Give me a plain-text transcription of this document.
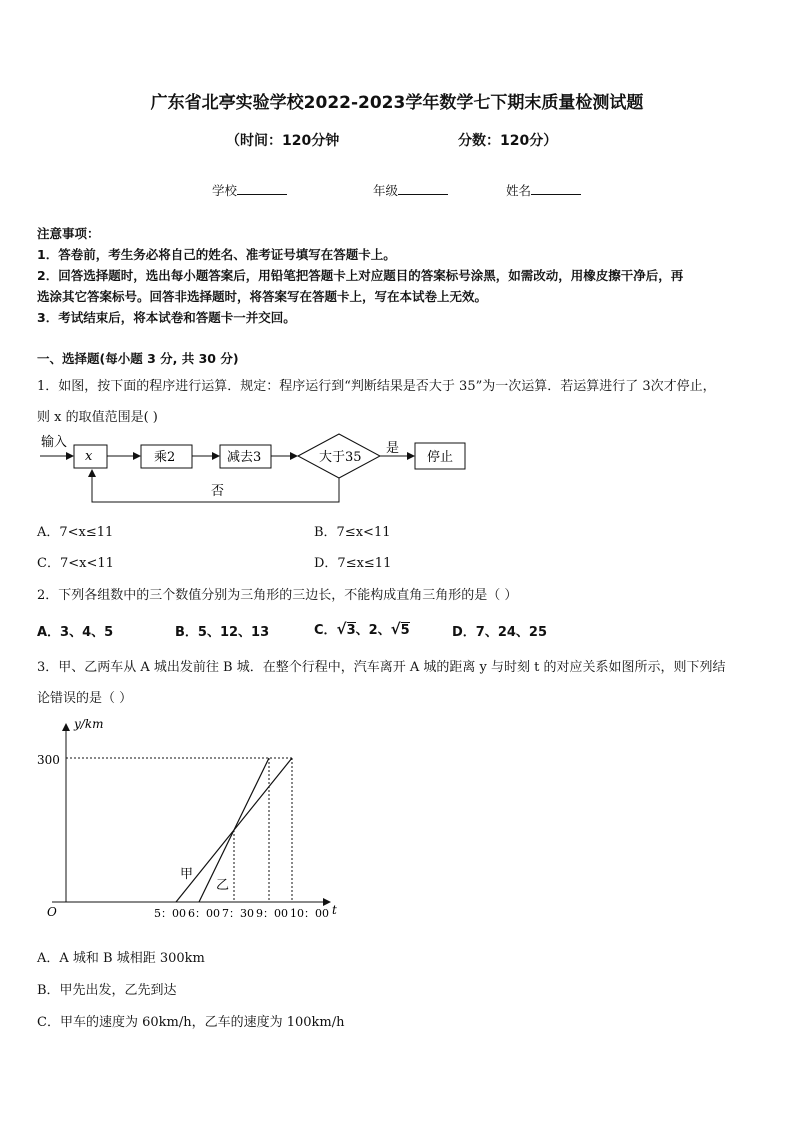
广东省北亭实验学校2022-2023学年数学七下期末质量检测试题
（时间：120分钟	分数：120分）
学校	年级	姓名
注意事项：
1．答卷前，考生务必将自己的姓名、准考证号填写在答题卡上。
2．回答选择题时，选出每小题答案后，用铅笔把答题卡上对应题目的答案标号涂黑，如需改动，用橡皮擦干净后，再
选涂其它答案标号。回答非选择题时，将答案写在答题卡上，写在本试卷上无效。
3．考试结束后，将本试卷和答题卡一并交回。
一、选择题(每小题 3 分, 共 30 分)
1．如图，按下面的程序进行运算．规定：程序运行到“判断结果是否大于 35”为一次运算．若运算进行了 3次才停止，
则 x 的取值范围是( )
输入
x	乘2	减去3	大于35
是
停止
否
A．7<x≤11	B．7≤x<11
C．7<x<11	D．7≤x≤11
2．下列各组数中的三个数值分别为三角形的三边长，不能构成直角三角形的是（ ）
A．3、4、5	B．5、12、13	C．√3、2、√5	D．7、24、25
3．甲、乙两车从 A 城出发前往 B 城．在整个行程中，汽车离开 A 城的距离 y 与时刻 t 的对应关系如图所示，则下列结
论错误的是（ ）
y/km
t
O
300
甲
乙
5：00 6：00 7：30 9：00 10：00
A．A 城和 B 城相距 300km
B．甲先出发，乙先到达
C．甲车的速度为 60km/h，乙车的速度为 100km/h
